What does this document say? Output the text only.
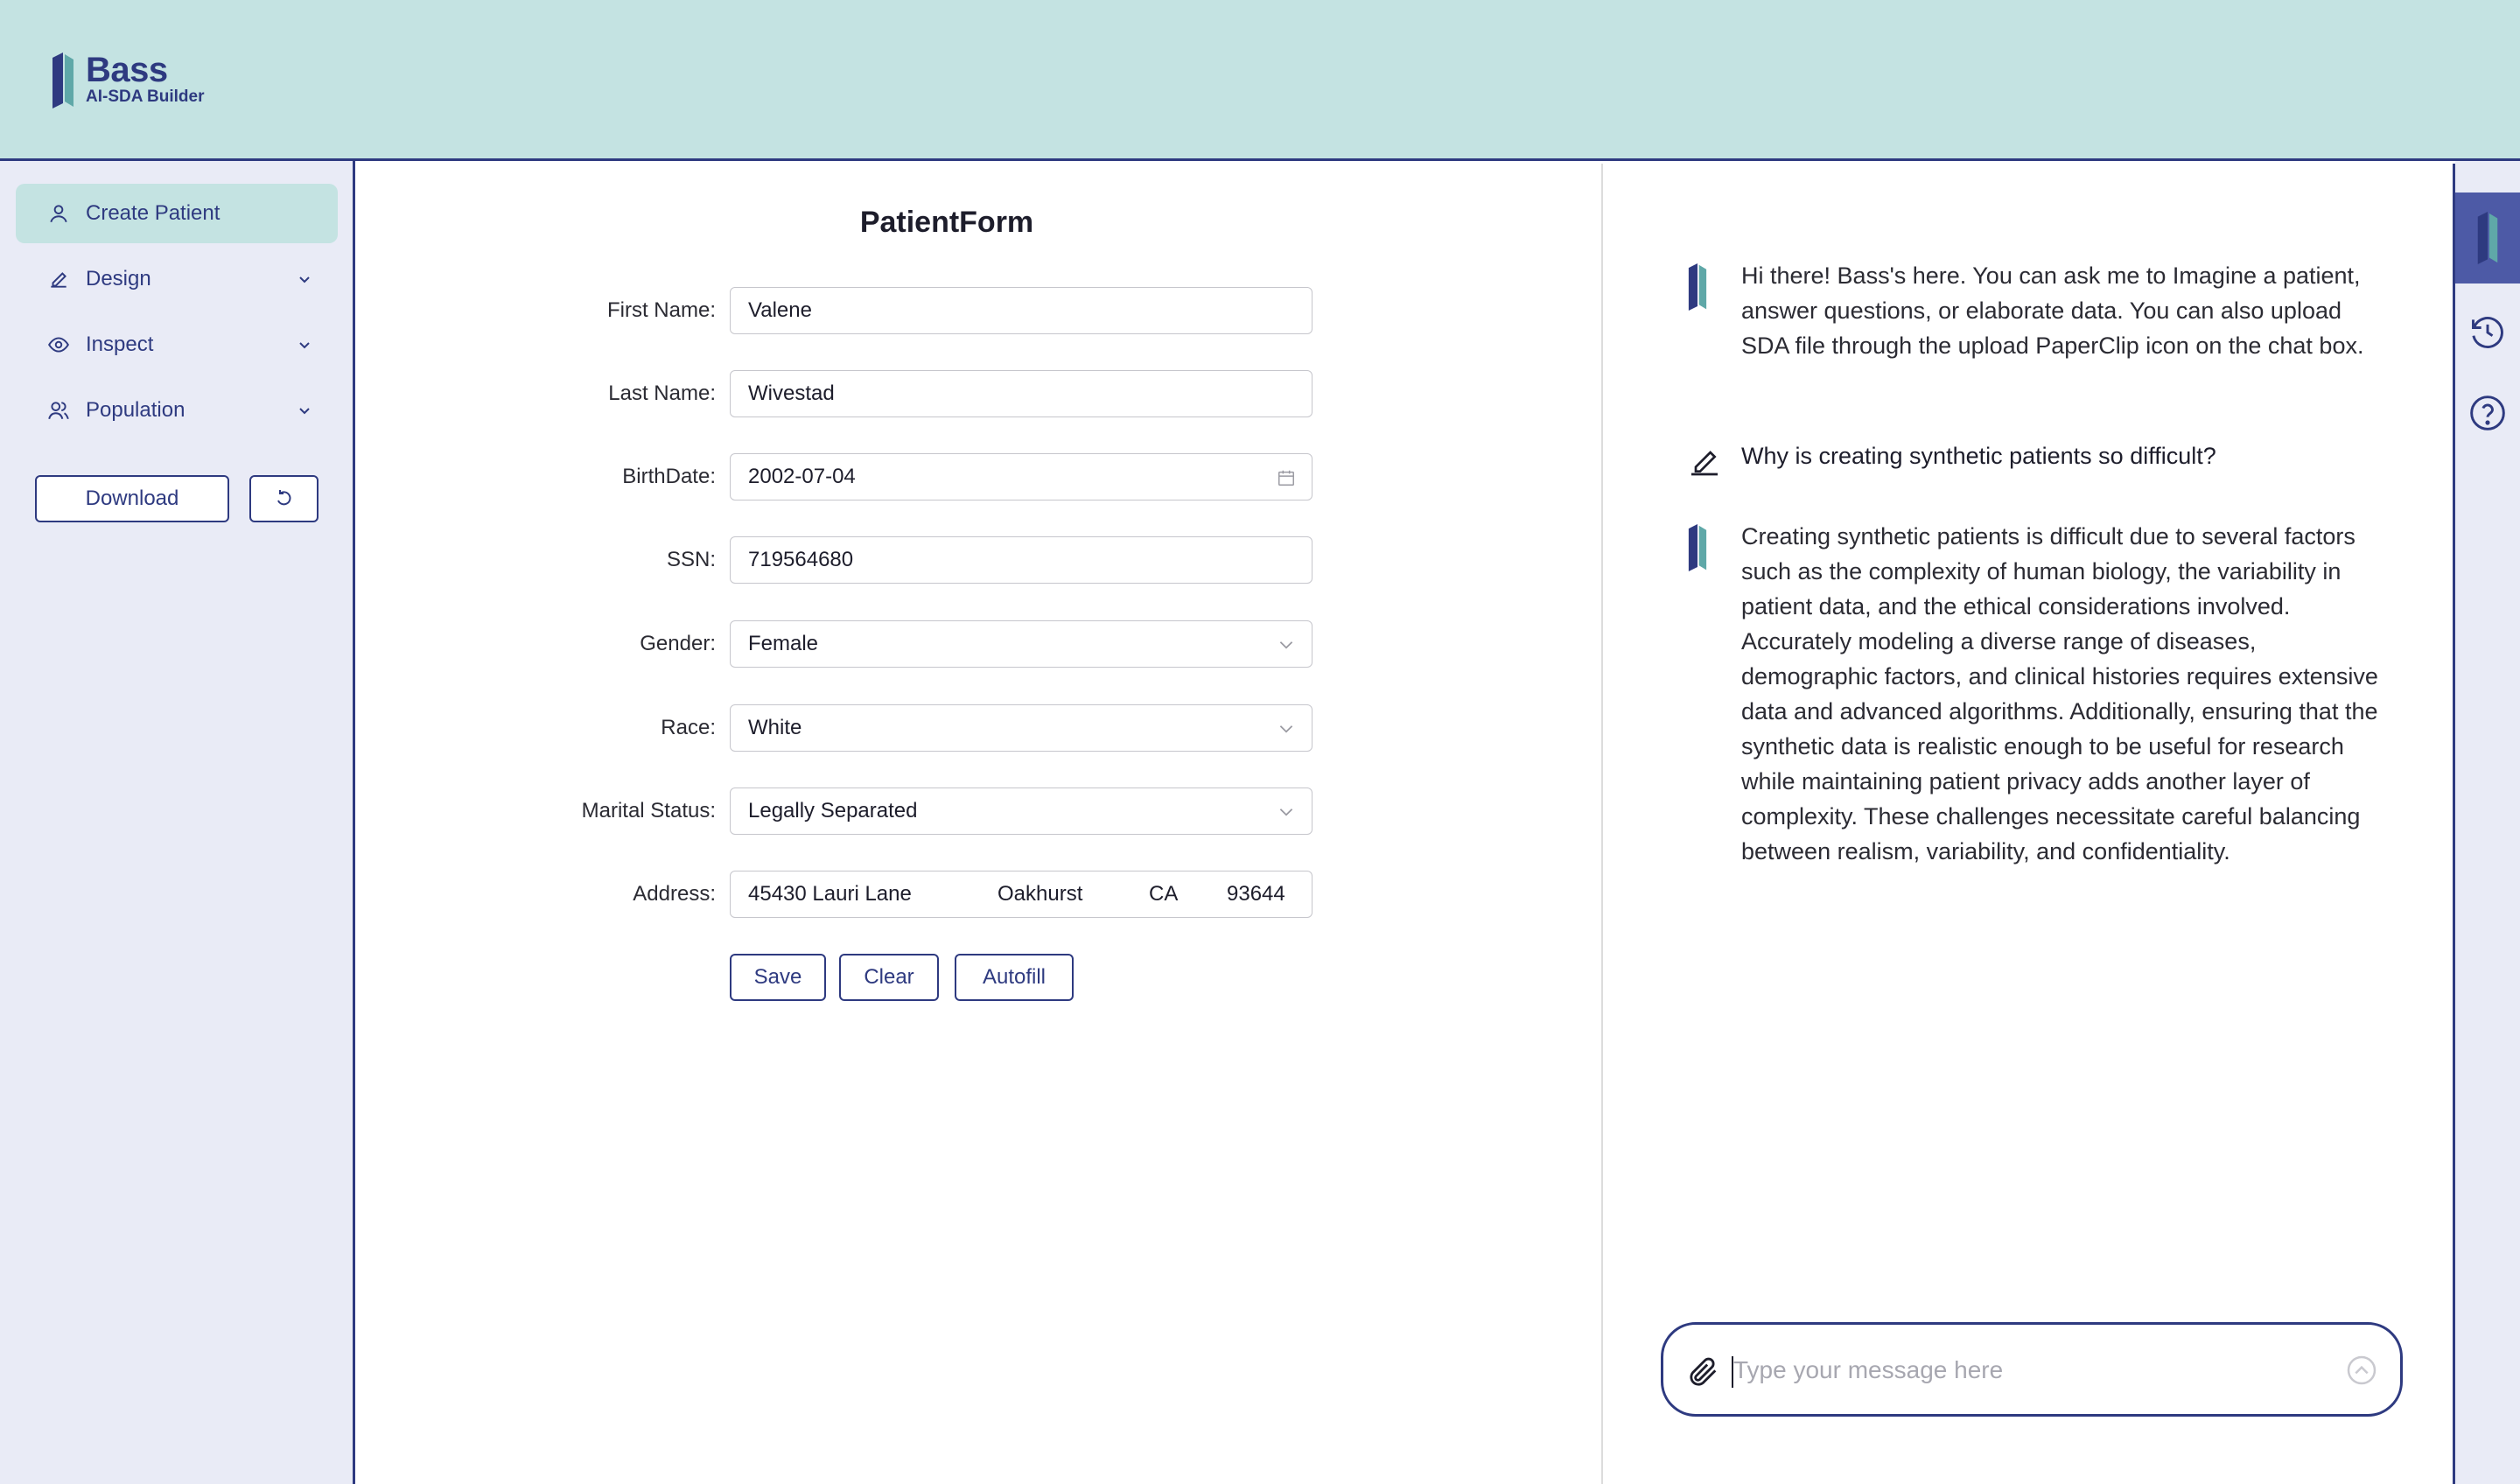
Bass
AI-SDA Builder
Create Patient
Design
Inspect
Population
Download
PatientForm
First Name:	Valene
Last Name:	Wivestad
BirthDate: 2002-07-04
SSN:	719564680
Gender: Female
Race: White
Marital Status: Legally Separated
Address:	45430 Lauri Lane	Oakhurst	CA	93644
Save	Clear	Autofill

Hi there! Bass's here. You can ask me to Imagine a patient, answer questions, or elaborate data. You can also upload SDA file through the upload PaperClip icon on the chat box.

Why is creating synthetic patients so difficult?

Creating synthetic patients is difficult due to several factors such as the complexity of human biology, the variability in patient data, and the ethical considerations involved. Accurately modeling a diverse range of diseases, demographic factors, and clinical histories requires extensive data and advanced algorithms. Additionally, ensuring that the synthetic data is realistic enough to be useful for research while maintaining patient privacy adds another layer of complexity. These challenges necessitate careful balancing between realism, variability, and confidentiality.

Type your message here
